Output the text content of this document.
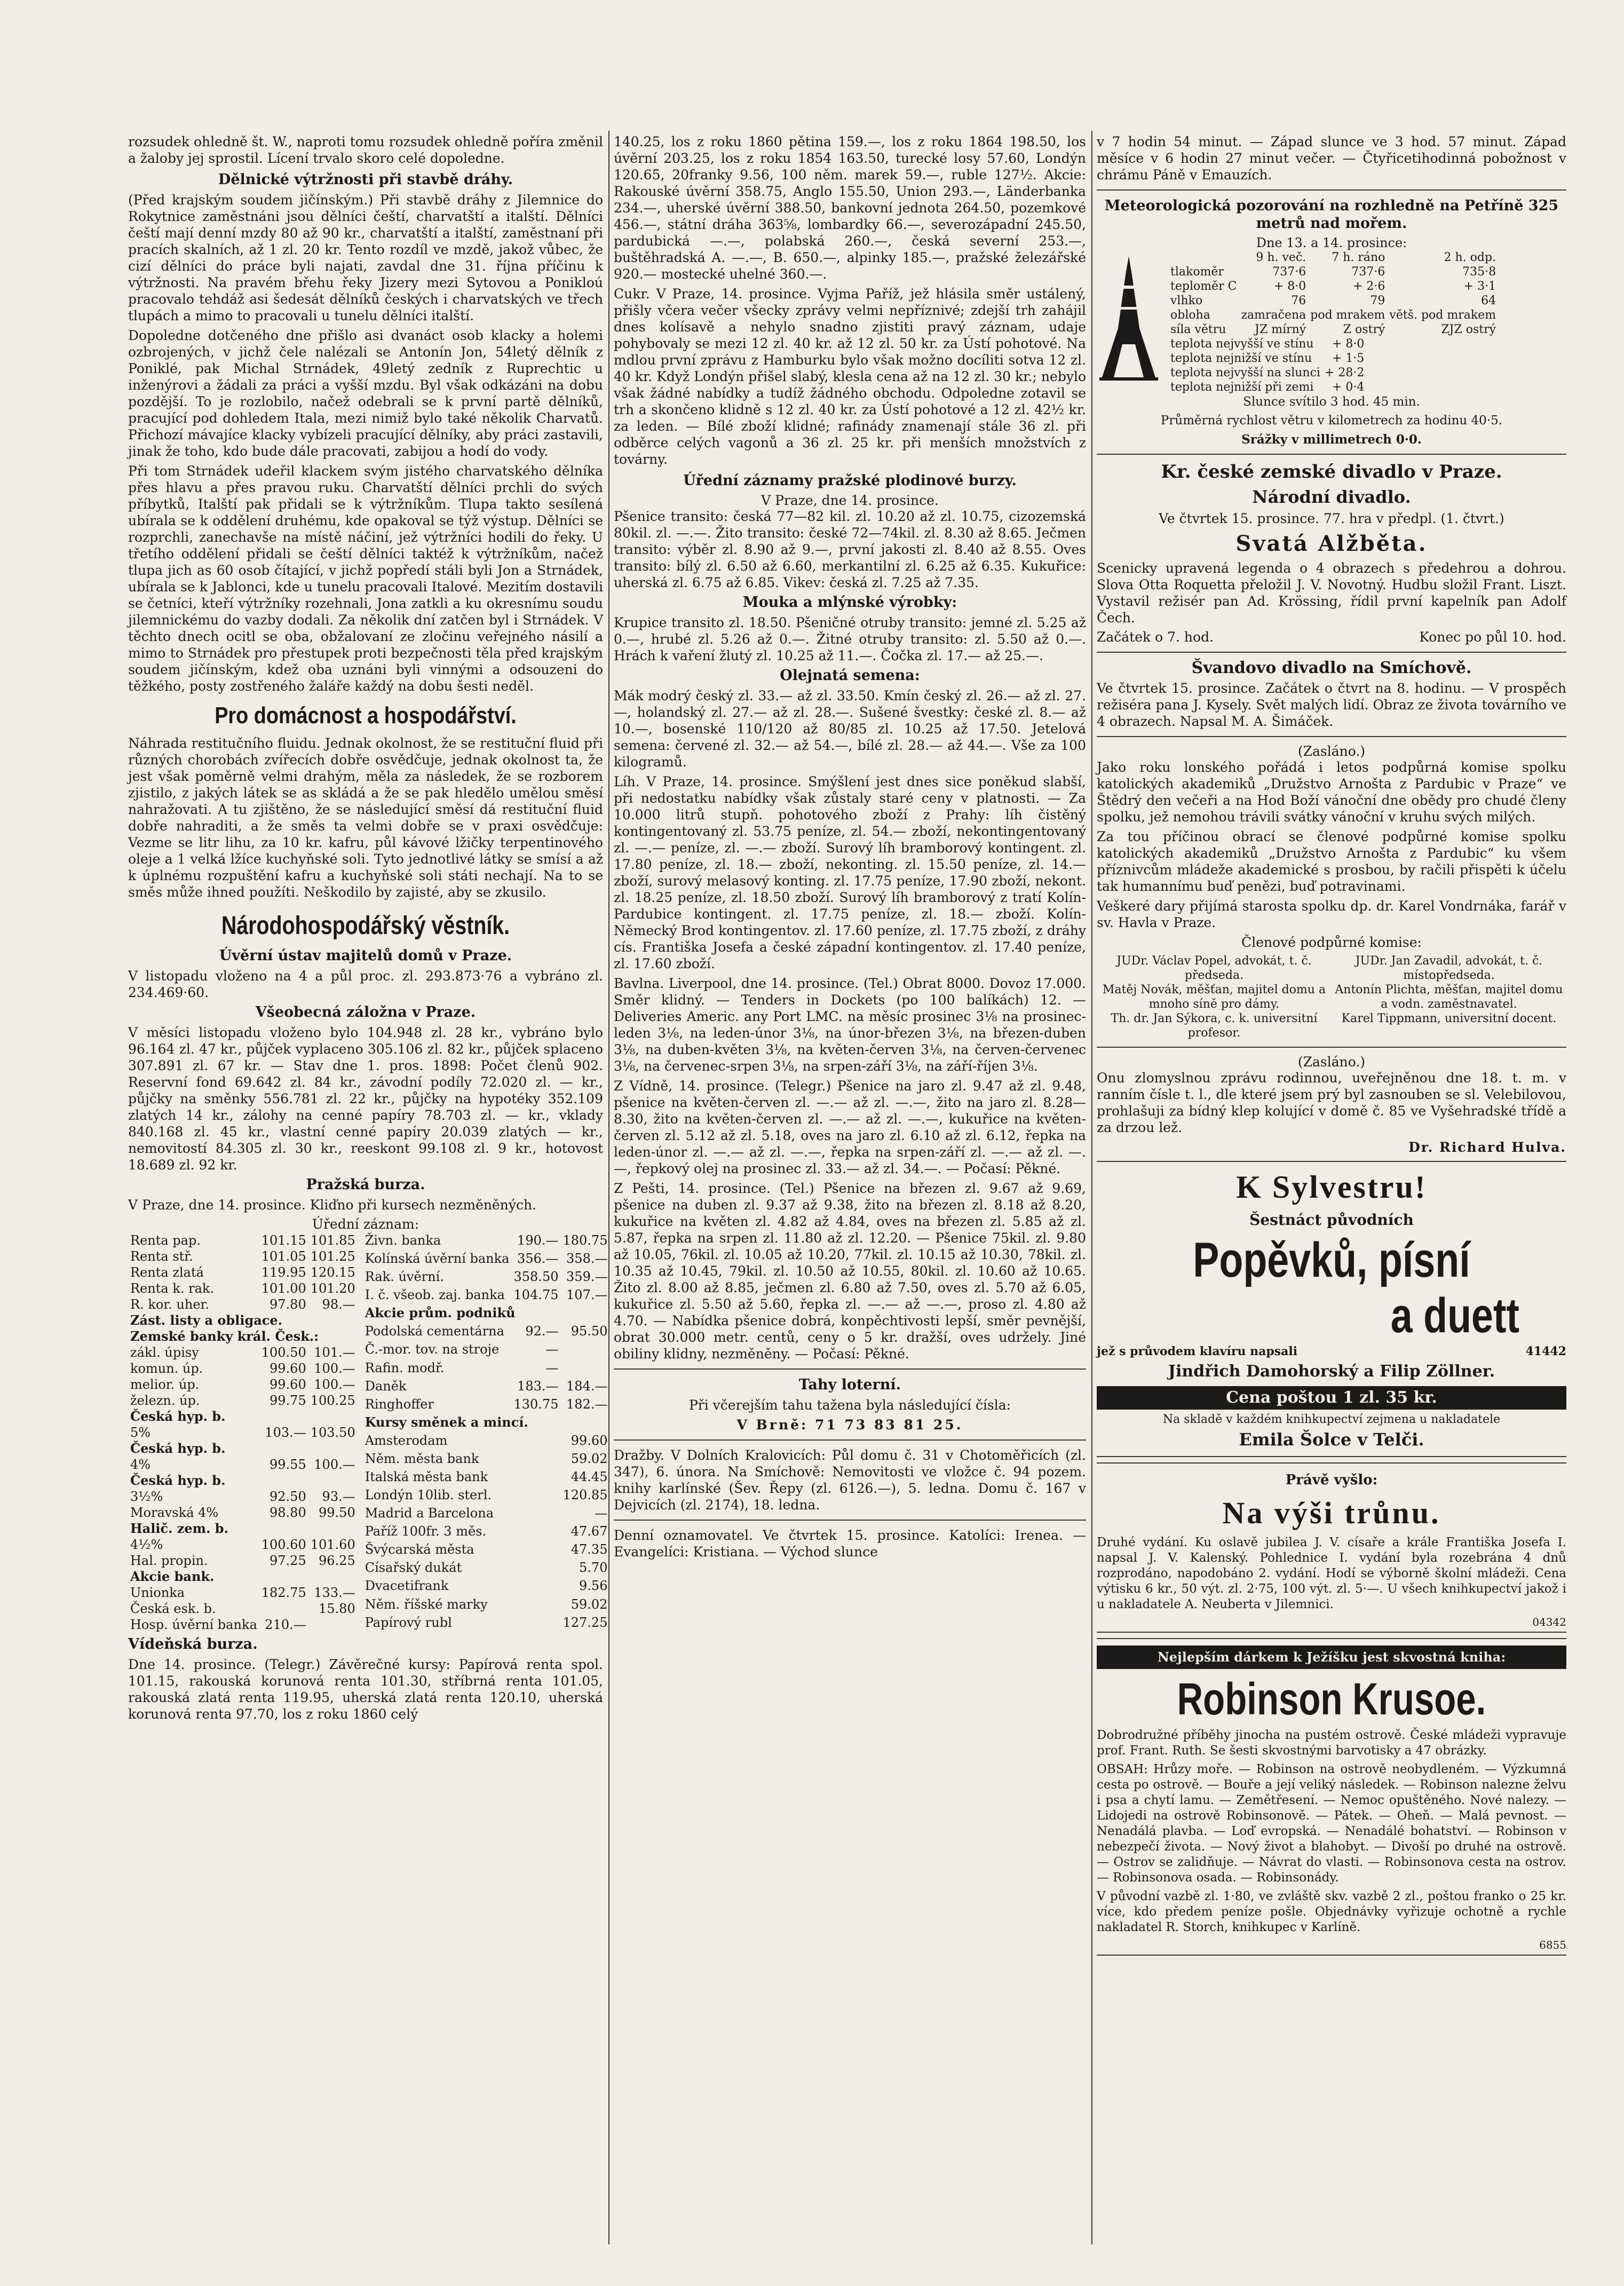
rozsudek ohledně št. W., naproti tomu rozsudek ohledně poříra změnil a žaloby jej sprostil. Lícení trvalo skoro celé dopoledne.

Dělnické výtržnosti při stavbě dráhy.

(Před krajským soudem jičínským.) Při stavbě dráhy z Jilemnice do Rokytnice zaměstnáni jsou dělníci čeští, charvatští a italští. Dělníci čeští mají denní mzdy 80 až 90 kr., charvatští a italští, zaměstnaní při pracích skalních, až 1 zl. 20 kr. Tento rozdíl ve mzdě, jakož vůbec, že cizí dělníci do práce byli najati, zavdal dne 31. října příčinu k výtržnosti. Na pravém břehu řeky Jizery mezi Sytovou a Ponikloú pracovalo tehdáž asi šedesát dělníků českých i charvatských ve třech tlupách a mimo to pracovali u tunelu dělníci italští.

Dopoledne dotčeného dne přišlo asi dvanáct osob klacky a holemi ozbrojených, v jichž čele nalézali se Antonín Jon, 54letý dělník z Poniklé, pak Michal Strnádek, 49letý zedník z Ruprechtic u inženýrovi a žádali za práci a vyšší mzdu. Byl však odkázáni na dobu pozdější. To je rozlobilo, načež odebrali se k první partě dělníků, pracující pod dohledem Itala, mezi nimiž bylo také několik Charvatů. Přichozí mávajíce klacky vybízeli pracující dělníky, aby práci zastavili, jinak že toho, kdo bude dále pracovati, zabijou a hodí do vody.

Při tom Strnádek udeřil klackem svým jistého charvatského dělníka přes hlavu a přes pravou ruku. Charvatští dělníci prchli do svých příbytků, Italští pak přidali se k výtržníkům. Tlupa takto sesílená ubírala se k oddělení druhému, kde opakoval se týž výstup. Dělníci se rozprchli, zanechavše na místě náčiní, jež výtržníci hodili do řeky. U třetího oddělení přidali se čeští dělníci taktéž k výtržníkům, načež tlupa jich as 60 osob čítající, v jichž popředí stáli byli Jon a Strnádek, ubírala se k Jablonci, kde u tunelu pracovali Italové. Mezitím dostavili se četníci, kteří výtržníky rozehnali, Jona zatkli a ku okresnímu soudu jilemnickému do vazby dodali. Za několik dní zatčen byl i Strnádek. V těchto dnech ocitl se oba, obžalovaní ze zločinu veřejného násilí a mimo to Strnádek pro přestupek proti bezpečnosti těla před krajským soudem jičínským, kdež oba uznáni byli vinnými a odsouzeni do těžkého, posty zostřeného žaláře každý na dobu šesti neděl.

Pro domácnost a hospodářství.

Náhrada restitučního fluidu. Jednak okolnost, že se restituční fluid při různých chorobách zvířecích dobře osvědčuje, jednak okolnost ta, že jest však poměrně velmi drahým, měla za následek, že se rozborem zjistilo, z jakých látek se as skládá a že se pak hledělo umělou směsí nahražovati. A tu zjištěno, že se následující směsí dá restituční fluid dobře nahraditi, a že směs ta velmi dobře se v praxi osvědčuje: Vezme se litr lihu, za 10 kr. kafru, půl kávové lžičky terpentinového oleje a 1 velká lžíce kuchyňské soli. Tyto jednotlivé látky se smísí a až k úplnému rozpuštění kafru a kuchyňské soli státi nechají. Na to se směs může ihned použíti. Neškodilo by zajisté, aby se zkusilo.

Národohospodářský věstník.
Úvěrní ústav majitelů domů v Praze.

V listopadu vloženo na 4 a půl proc. zl. 293.873·76 a vybráno zl. 234.469·60.

Všeobecná záložna v Praze.

V měsíci listopadu vloženo bylo 104.948 zl. 28 kr., vybráno bylo 96.164 zl. 47 kr., půjček vyplaceno 305.106 zl. 82 kr., půjček splaceno 307.891 zl. 67 kr. — Stav dne 1. pros. 1898: Počet členů 902. Reservní fond 69.642 zl. 84 kr., závodní podíly 72.020 zl. — kr., půjčky na směnky 556.781 zl. 22 kr., půjčky na hypotéky 352.109 zlatých 14 kr., zálohy na cenné papíry 78.703 zl. — kr., vklady 840.168 zl. 45 kr., vlastní cenné papíry 20.039 zlatých — kr., nemovitostí 84.305 zl. 30 kr., reeskont 99.108 zl. 9 kr., hotovost 18.689 zl. 92 kr.

Pražská burza.

V Praze, dne 14. prosince. Kliďno při kursech nezměněných.

Úřední záznam:
Renta pap.	101.15	101.85
Renta stř.	101.05	101.25
Renta zlatá	119.95	120.15
Renta k. rak.	101.00	101.20
R. kor. uher.	97.80	98.—
Zást. listy a obligace.		
Zemské banky král. Česk.:		
zákl. úpisy	100.50	101.—
komun. úp.	99.60	100.—
melior. úp.	99.60	100.—
železn. úp.	99.75	100.25
Česká hyp. b.		
5%	103.—	103.50
Česká hyp. b.		
4%	99.55	100.—
Česká hyp. b.		
3½%	92.50	93.—
Moravská 4%	98.80	99.50
Halič. zem. b.		
4½%	100.60	101.60
Hal. propin.	97.25	96.25
Akcie bank.		
Unionka	182.75	133.—
Česká esk. b.		15.80
Hosp. úvěrní banka	210.—	
Živn. banka	190.—	180.75
Kolínská úvěrní banka	356.—	358.—
Rak. úvěrní.	358.50	359.—
I. č. všeob. zaj. banka	104.75	107.—
Akcie prům. podniků		
Podolská cementárna	92.—	95.50
Č.-mor. tov. na stroje	—	
Rafin. modř.	—	
Daněk	183.—	184.—
Ringhoffer	130.75	182.—
Kursy směnek a mincí.		
Amsterodam		99.60
Něm. města bank		59.02
Italská města bank		44.45
Londýn 10lib. sterl.		120.85
Madrid a Barcelona		—
Paříž 100fr. 3 měs.		47.67
Švýcarská města		47.35
Císařský dukát		5.70
Dvacetifrank		9.56
Něm. říšské marky		59.02
Papírový rubl		127.25
Vídeňská burza.

Dne 14. prosince. (Telegr.) Závěrečné kursy: Papírová renta spol. 101.15, rakouská korunová renta 101.30, stříbrná renta 101.05, rakouská zlatá renta 119.95, uherská zlatá renta 120.10, uherská korunová renta 97.70, los z roku 1860 celý

140.25, los z roku 1860 pětina 159.—, los z roku 1864 198.50, los úvěrní 203.25, los z roku 1854 163.50, turecké losy 57.60, Londýn 120.65, 20franky 9.56, 100 něm. marek 59.—, ruble 127½. Akcie: Rakouské úvěrní 358.75, Anglo 155.50, Union 293.—, Länderbanka 234.—, uherské úvěrní 388.50, bankovní jednota 264.50, pozemkové 456.—, státní dráha 363⅝, lombardky 66.—, severozápadní 245.50, pardubická —.—, polabská 260.—, česká severní 253.—, buštěhradská A. —.—, B. 650.—, alpinky 185.—, pražské železářské 920.— mostecké uhelné 360.—.

Cukr. V Praze, 14. prosince. Vyjma Paříž, jež hlásila směr ustálený, přišly včera večer všecky zprávy velmi nepříznivé; zdejší trh zahájil dnes kolísavě a nehylo snadno zjistiti pravý záznam, udaje pohybovaly se mezi 12 zl. 40 kr. až 12 zl. 50 kr. za Ústí pohotové. Na mdlou první zprávu z Hamburku bylo však možno docíliti sotva 12 zl. 40 kr. Když Londýn přišel slabý, klesla cena až na 12 zl. 30 kr.; nebylo však žádné nabídky a tudíž žádného obchodu. Odpoledne zotavil se trh a skončeno klidně s 12 zl. 40 kr. za Ústí pohotové a 12 zl. 42½ kr. za leden. — Bílé zboží klidné; rafinády znamenají stále 36 zl. při odběrce celých vagonů a 36 zl. 25 kr. při menších množstvích z továrny.

Úřední záznamy pražské plodinové burzy.
V Praze, dne 14. prosince.

Pšenice transito: česká 77—82 kil. zl. 10.20 až zl. 10.75, cizozemská 80kil. zl. —.—. Žito transito: české 72—74kil. zl. 8.30 až 8.65. Ječmen transito: výběr zl. 8.90 až 9.—, první jakosti zl. 8.40 až 8.55. Oves transito: bílý zl. 6.50 až 6.60, merkantilní zl. 6.25 až 6.35. Kukuřice: uherská zl. 6.75 až 6.85. Vikev: česká zl. 7.25 až 7.35.

Mouka a mlýnské výrobky:

Krupice transito zl. 18.50. Pšeničné otruby transito: jemné zl. 5.25 až 0.—, hrubé zl. 5.26 až 0.—. Žitné otruby transito: zl. 5.50 až 0.—. Hrách k vaření žlutý zl. 10.25 až 11.—. Čočka zl. 17.— až 25.—.

Olejnatá semena:

Mák modrý český zl. 33.— až zl. 33.50. Kmín český zl. 26.— až zl. 27.—, holandský zl. 27.— až zl. 28.—. Sušené švestky: české zl. 8.— až 10.—, bosenské 110/120 až 80/85 zl. 10.25 až 17.50. Jetelová semena: červené zl. 32.— až 54.—, bílé zl. 28.— až 44.—. Vše za 100 kilogramů.

Líh. V Praze, 14. prosince. Smýšlení jest dnes sice poněkud slabší, při nedostatku nabídky však zůstaly staré ceny v platnosti. — Za 10.000 litrů stupň. pohotového zboží z Prahy: líh čistěný kontingentovaný zl. 53.75 peníze, zl. 54.— zboží, nekontingentovaný zl. —.— peníze, zl. —.— zboží. Surový líh bramborový kontingent. zl. 17.80 peníze, zl. 18.— zboží, nekonting. zl. 15.50 peníze, zl. 14.— zboží, surový melasový konting. zl. 17.75 peníze, 17.90 zboží, nekont. zl. 18.25 peníze, zl. 18.50 zboží. Surový líh bramborový z tratí Kolín-Pardubice kontingent. zl. 17.75 peníze, zl. 18.— zboží. Kolín-Německý Brod kontingentov. zl. 17.60 peníze, zl. 17.75 zboží, z dráhy cís. Františka Josefa a české západní kontingentov. zl. 17.40 peníze, zl. 17.60 zboží.

Bavlna. Liverpool, dne 14. prosince. (Tel.) Obrat 8000. Dovoz 17.000. Směr klidný. — Tenders in Dockets (po 100 balíkách) 12. — Deliveries Americ. any Port LMC. na měsíc prosinec 3⅛ na prosinec-leden 3⅛, na leden-únor 3⅛, na únor-březen 3⅛, na březen-duben 3⅛, na duben-květen 3⅛, na květen-červen 3⅛, na červen-červenec 3⅛, na červenec-srpen 3⅛, na srpen-září 3⅛, na září-říjen 3⅛.

Z Vídně, 14. prosince. (Telegr.) Pšenice na jaro zl. 9.47 až zl. 9.48, pšenice na květen-červen zl. —.— až zl. —.—, žito na jaro zl. 8.28—8.30, žito na květen-červen zl. —.— až zl. —.—, kukuřice na květen-červen zl. 5.12 až zl. 5.18, oves na jaro zl. 6.10 až zl. 6.12, řepka na leden-únor zl. —.— až zl. —.—, řepka na srpen-září zl. —.— až zl. —.—, řepkový olej na prosinec zl. 33.— až zl. 34.—. — Počasí: Pěkné.

Z Pešti, 14. prosince. (Tel.) Pšenice na březen zl. 9.67 až 9.69, pšenice na duben zl. 9.37 až 9.38, žito na březen zl. 8.18 až 8.20, kukuřice na květen zl. 4.82 až 4.84, oves na březen zl. 5.85 až zl. 5.87, řepka na srpen zl. 11.80 až zl. 12.20. — Pšenice 75kil. zl. 9.80 až 10.05, 76kil. zl. 10.05 až 10.20, 77kil. zl. 10.15 až 10.30, 78kil. zl. 10.35 až 10.45, 79kil. zl. 10.50 až 10.55, 80kil. zl. 10.60 až 10.65. Žito zl. 8.00 až 8.85, ječmen zl. 6.80 až 7.50, oves zl. 5.70 až 6.05, kukuřice zl. 5.50 až 5.60, řepka zl. —.— až —.—, proso zl. 4.80 až 4.70. — Nabídka pšenice dobrá, konpěchtivosti lepší, směr pevnější, obrat 30.000 metr. centů, ceny o 5 kr. dražší, oves udržely. Jiné obiliny klidny, nezměněny. — Počasí: Pěkné.

Tahy loterní.

Při včerejším tahu tažena byla následující čísla:

V Brně: 71 73 83 81 25.

Dražby. V Dolních Kralovicích: Půl domu č. 31 v Chotoměřicích (zl. 347), 6. února. Na Smíchově: Nemovitosti ve vložce č. 94 pozem. knihy karlínské (Šev. Řepy (zl. 6126.—), 5. ledna. Domu č. 167 v Dejvicích (zl. 2174), 18. ledna.

Denní oznamovatel. Ve čtvrtek 15. prosince. Katolíci: Irenea. — Evangelíci: Kristiana. — Východ slunce

v 7 hodin 54 minut. — Západ slunce ve 3 hod. 57 minut. Západ měsíce v 6 hodin 27 minut večer. — Čtyřicetihodinná pobožnost v chrámu Páně v Emauzích.

Meteorologická pozorování na rozhledně na Petříně 325 metrů nad mořem.
Dne 13. a 14. prosince:
	9 h. več.	7 h. ráno	2 h. odp.
tlakoměr	737·6	737·6	735·8
teploměr C	+ 8·0	+ 2·6	+ 3·1
vlhko	76	79	64
obloha	zamračena	pod mrakem	větš. pod mrakem
síla větru	JZ mírný	Z ostrý	ZJZ ostrý
teplota nejvyšší ve stínu	+ 8·0
teplota nejnižší ve stínu	+ 1·5
teplota nejvyšší na slunci	+ 28·2
teplota nejnižší při zemi	+ 0·4

Slunce svítilo 3 hod. 45 min.

Průměrná rychlost větru v kilometrech za hodinu 40·5.

Srážky v millimetrech 0·0.

Kr. české zemské divadlo v Praze.
Národní divadlo.

Ve čtvrtek 15. prosince. 77. hra v předpl. (1. čtvrt.)

Svatá Alžběta.

Scenicky upravená legenda o 4 obrazech s předehrou a dohrou. Slova Otta Roquetta přeložil J. V. Novotný. Hudbu složil Frant. Liszt. Vystavil režisér pan Ad. Krössing, řídil první kapelník pan Adolf Čech.

Začátek o 7. hod.	Konec po půl 10. hod.
Švandovo divadlo na Smíchově.

Ve čtvrtek 15. prosince. Začátek o čtvrt na 8. hodinu. — V prospěch režiséra pana J. Kysely. Svět malých lidí. Obraz ze života továrního ve 4 obrazech. Napsal M. A. Šimáček.

(Zasláno.)

Jako roku lonského pořádá i letos podpůrná komise spolku katolických akademiků „Družstvo Arnošta z Pardubic v Praze“ ve Štědrý den večeři a na Hod Boží vánoční dne obědy pro chudé členy spolku, jež nemohou trávili svátky vánoční v kruhu svých milých.

Za tou příčinou obrací se členové podpůrné komise spolku katolických akademiků „Družstvo Arnošta z Pardubic“ ku všem příznivcům mládeže akademické s prosbou, by račili přispěti k účelu tak humannímu buď penězi, buď potravinami.

Veškeré dary přijímá starosta spolku dp. dr. Karel Vondrnáka, farář v sv. Havla v Praze.

Členové podpůrné komise:

JUDr. Václav Popel, advokát, t. č. předseda.	JUDr. Jan Zavadil, advokát, t. č. místopředseda.
Matěj Novák, měšťan, majitel domu a mnoho síně pro dámy.	Antonín Plichta, měšťan, majitel domu a vodn. zaměstnavatel.
Th. dr. Jan Sýkora, c. k. universitní profesor.	Karel Tippmann, universitní docent.
(Zasláno.)

Onu zlomyslnou zprávu rodinnou, uveřejněnou dne 18. t. m. v ranním čísle t. l., dle které jsem prý byl zasnouben se sl. Velebilovou, prohlašuji za bídný klep kolující v domě č. 85 ve Vyšehradské třídě a za drzou lež.

Dr. Richard Hulva.

K Sylvestru!
Šestnáct původních
Popěvků, písní
a duett
jež s průvodem klavíru napsali	41442
Jindřich Damohorský a Filip Zöllner.
Cena poštou 1 zl. 35 kr.
Na skladě v každém knihkupectví zejmena u nakladatele
Emila Šolce v Telči.
Právě vyšlo:
Na výši trůnu.

Druhé vydání. Ku oslavě jubilea J. V. císaře a krále Františka Josefa I. napsal J. V. Kalenský. Pohlednice I. vydání byla rozebrána 4 dnů rozprodáno, napodobáno 2. vydání. Hodí se výborně školní mládeži. Cena výtisku 6 kr., 50 výt. zl. 2·75, 100 výt. zl. 5·—. U všech knihkupectví jakož i u nakladatele A. Neuberta v Jilemnici.

04342
Nejlepším dárkem k Ježíšku jest skvostná kniha:
Robinson Krusoe.

Dobrodružné příběhy jinocha na pustém ostrově. České mládeži vypravuje prof. Frant. Ruth. Se šesti skvostnými barvotisky a 47 obrázky.

OBSAH: Hrůzy moře. — Robinson na ostrově neobydleném. — Výzkumná cesta po ostrově. — Bouře a její veliký následek. — Robinson nalezne želvu i psa a chytí lamu. — Zemětřesení. — Nemoc opuštěného. Nové nalezy. — Lidojedi na ostrově Robinsonově. — Pátek. — Oheň. — Malá pevnost. — Nenadálá plavba. — Loď evropská. — Nenadálé bohatství. — Robinson v nebezpečí života. — Nový život a blahobyt. — Divoší po druhé na ostrově. — Ostrov se zalidňuje. — Návrat do vlasti. — Robinsonova cesta na ostrov. — Robinsonova osada. — Robinsonády.

V původní vazbě zl. 1·80, ve zvláště skv. vazbě 2 zl., poštou franko o 25 kr. více, kdo předem peníze pošle. Objednávky vyřizuje ochotně a rychle nakladatel R. Storch, knihkupec v Karlíně.

6855
